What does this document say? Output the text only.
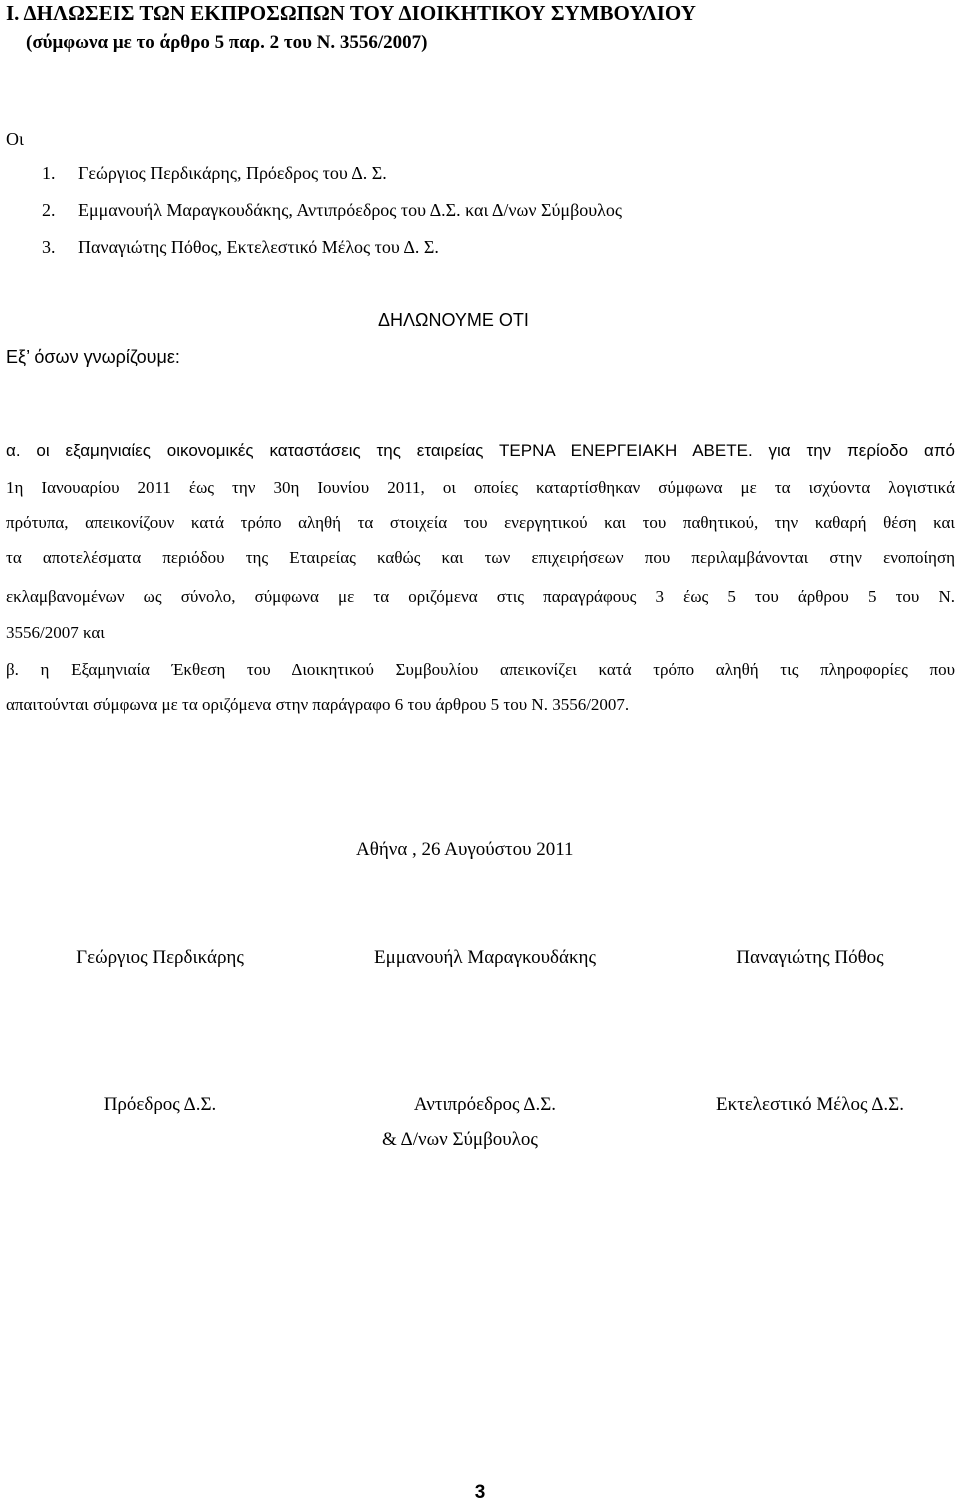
Ι. ΔΗΛΩΣΕΙΣ ΤΩΝ ΕΚΠΡΟΣΩΠΩΝ ΤΟΥ ΔΙΟΙΚΗΤΙΚΟΥ ΣΥΜΒΟΥΛΙΟΥ
(σύμφωνα με το άρθρο 5 παρ. 2 του Ν. 3556/2007)
Οι
1. Γεώργιος Περδικάρης, Πρόεδρος του Δ. Σ.
2. Εμμανουήλ Μαραγκουδάκης, Αντιπρόεδρος του Δ.Σ. και Δ/νων Σύμβουλος
3. Παναγιώτης Πόθος, Εκτελεστικό Μέλος του Δ. Σ.
ΔΗΛΩΝΟΥΜΕ ΟΤΙ
Εξ’ όσων γνωρίζουμε:
α. οι εξαμηνιαίες οικονομικές καταστάσεις της εταιρείας ΤΕΡΝΑ ΕΝΕΡΓΕΙΑΚΗ ΑΒΕΤΕ. για την περίοδο από
1η Ιανουαρίου 2011 έως την 30η Ιουνίου 2011, οι οποίες καταρτίσθηκαν σύμφωνα με τα ισχύοντα λογιστικά
πρότυπα, απεικονίζουν κατά τρόπο αληθή τα στοιχεία του ενεργητικού και του παθητικού, την καθαρή θέση και
τα αποτελέσματα περιόδου της Εταιρείας καθώς και των επιχειρήσεων που περιλαμβάνονται στην ενοποίηση
εκλαμβανομένων ως σύνολο, σύμφωνα με τα οριζόμενα στις παραγράφους 3 έως 5 του άρθρου 5 του Ν.
3556/2007 και
β. η Εξαμηνιαία Έκθεση του Διοικητικού Συμβουλίου απεικονίζει κατά τρόπο αληθή τις πληροφορίες που
απαιτούνται σύμφωνα με τα οριζόμενα στην παράγραφο 6 του άρθρου 5 του Ν. 3556/2007.
Αθήνα , 26 Αυγούστου 2011
Γεώργιος Περδικάρης	Εμμανουήλ Μαραγκουδάκης	Παναγιώτης Πόθος
Πρόεδρος Δ.Σ.	Αντιπρόεδρος Δ.Σ.	Εκτελεστικό Μέλος Δ.Σ.
& Δ/νων Σύμβουλος
3
